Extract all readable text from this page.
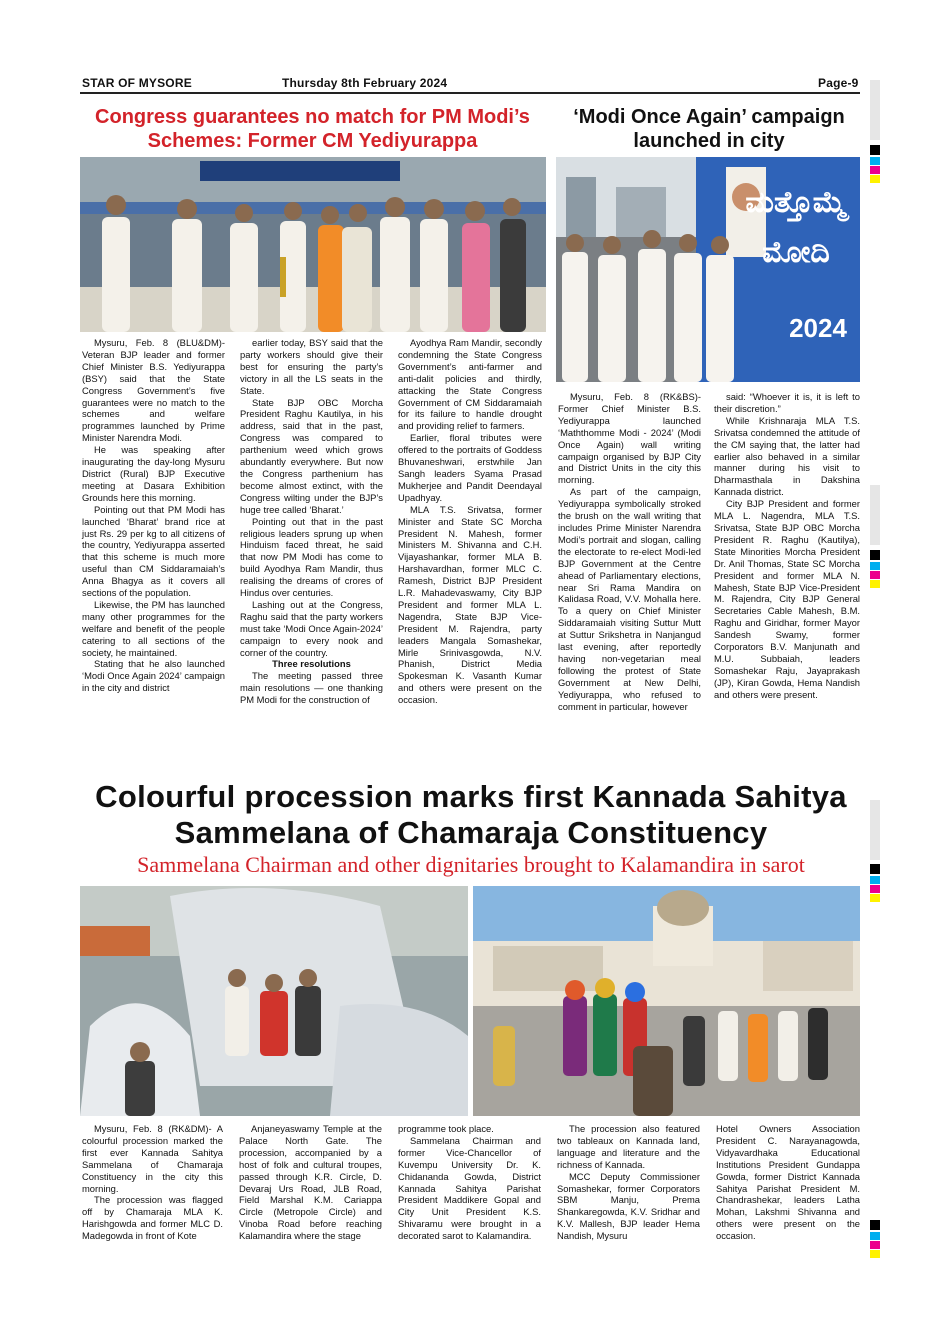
STAR OF MYSORE	Thursday 8th February 2024	Page-9
Congress guarantees no match for PM Modi’s Schemes: Former CM Yediyurappa

Mysuru, Feb. 8 (BLU&DM)- Veteran BJP leader and former Chief Minister B.S. Yediyurappa (BSY) said that the State Congress Government’s five guarantees were no match to the schemes and welfare programmes launched by Prime Minister Narendra Modi.

He was speaking after inaugurating the day-long Mysuru District (Rural) BJP Executive meeting at Dasara Exhibition Grounds here this morning.

Pointing out that PM Modi has launched ‘Bharat’ brand rice at just Rs. 29 per kg to all citizens of the country, Yediyurappa asserted that this scheme is much more useful than CM Siddaramaiah’s Anna Bhagya as it covers all sections of the population.

Likewise, the PM has launched many other programmes for the welfare and benefit of the people catering to all sections of the society, he maintained.

Stating that he also launched ‘Modi Once Again 2024’ campaign in the city and district

earlier today, BSY said that the party workers should give their best for ensuring the party’s victory in all the LS seats in the State.

State BJP OBC Morcha President Raghu Kautilya, in his address, said that in the past, Congress was compared to parthenium weed which grows abundantly everywhere. But now the Congress parthenium has become almost extinct, with the Congress wilting under the BJP’s huge tree called ‘Bharat.’

Pointing out that in the past religious leaders sprung up when Hinduism faced threat, he said that now PM Modi has come to build Ayodhya Ram Mandir, thus realising the dreams of crores of Hindus over centuries.

Lashing out at the Congress, Raghu said that the party workers must take ‘Modi Once Again-2024’ campaign to every nook and corner of the country.

Three resolutions

The meeting passed three main resolutions — one thanking PM Modi for the construction of

Ayodhya Ram Mandir, secondly condemning the State Congress Government’s anti-farmer and anti-dalit policies and thirdly, attacking the State Congress Government of CM Siddaramaiah for its failure to handle drought and providing relief to farmers.

Earlier, floral tributes were offered to the portraits of Goddess Bhuvaneshwari, erstwhile Jan Sangh leaders Syama Prasad Mukherjee and Pandit Deendayal Upadhyay.

MLA T.S. Srivatsa, former Minister and State SC Morcha President N. Mahesh, former Ministers M. Shivanna and C.H. Vijayashankar, former MLA B. Harshavardhan, former MLC C. Ramesh, District BJP President L.R. Mahadevaswamy, City BJP President and former MLA L. Nagendra, State BJP Vice-President M. Rajendra, party leaders Mangala Somashekar, Mirle Srinivasgowda, N.V. Phanish, District Media Spokesman K. Vasanth Kumar and others were present on the occasion.

‘Modi Once Again’ campaign launched in city
ಮತ್ತೊಮ್ಮೆ
ಮೋದಿ
2024

Mysuru, Feb. 8 (RK&BS)- Former Chief Minister B.S. Yediyurappa launched ‘Maththomme Modi - 2024’ (Modi Once Again) wall writing campaign organised by BJP City and District Units in the city this morning.

As part of the campaign, Yediyurappa symbolically stroked the brush on the wall writing that includes Prime Minister Narendra Modi’s portrait and slogan, calling the electorate to re-elect Modi-led BJP Government at the Centre ahead of Parliamentary elections, near Sri Rama Mandira on Kalidasa Road, V.V. Mohalla here. To a query on Chief Minister Siddaramaiah visiting Suttur Mutt at Suttur Srikshetra in Nanjangud last evening, after reportedly having non-vegetarian meal following the protest of State Government at New Delhi, Yediyurappa, who refused to comment in particular, however

said: “Whoever it is, it is left to their discretion.”

While Krishnaraja MLA T.S. Srivatsa condemned the attitude of the CM saying that, the latter had earlier also behaved in a similar manner during his visit to Dharmasthala in Dakshina Kannada district.

City BJP President and former MLA L. Nagendra, MLA T.S. Srivatsa, State BJP OBC Morcha President R. Raghu (Kautilya), State Minorities Morcha President Dr. Anil Thomas, State SC Morcha President and former MLA N. Mahesh, State BJP Vice-President M. Rajendra, City BJP General Secretaries Cable Mahesh, B.M. Raghu and Giridhar, former Mayor Sandesh Swamy, former Corporators B.V. Manjunath and M.U. Subbaiah, leaders Somashekar Raju, Jayaprakash (JP), Kiran Gowda, Hema Nandish and others were present.

Colourful procession marks first Kannada Sahitya Sammelana of Chamaraja Constituency
Sammelana Chairman and other dignitaries brought to Kalamandira in sarot

Mysuru, Feb. 8 (RK&DM)- A colourful procession marked the first ever Kannada Sahitya Sammelana of Chamaraja Constituency in the city this morning.

The procession was flagged off by Chamaraja MLA K. Harishgowda and former MLC D. Madegowda in front of Kote

Anjaneyaswamy Temple at the Palace North Gate. The procession, accompanied by a host of folk and cultural troupes, passed through K.R. Circle, D. Devaraj Urs Road, JLB Road, Field Marshal K.M. Cariappa Circle (Metropole Circle) and Vinoba Road before reaching Kalamandira where the stage

programme took place.

Sammelana Chairman and former Vice-Chancellor of Kuvempu University Dr. K. Chidananda Gowda, District Kannada Sahitya Parishat President Maddikere Gopal and City Unit President K.S. Shivaramu were brought in a decorated sarot to Kalamandira.

The procession also featured two tableaux on Kannada land, language and literature and the richness of Kannada.

MCC Deputy Commissioner Somashekar, former Corporators SBM Manju, Prema Shankaregowda, K.V. Sridhar and K.V. Mallesh, BJP leader Hema Nandish, Mysuru

Hotel Owners Association President C. Narayanagowda, Vidyavardhaka Educational Institutions President Gundappa Gowda, former District Kannada Sahitya Parishat President M. Chandrashekar, leaders Latha Mohan, Lakshmi Shivanna and others were present on the occasion.
